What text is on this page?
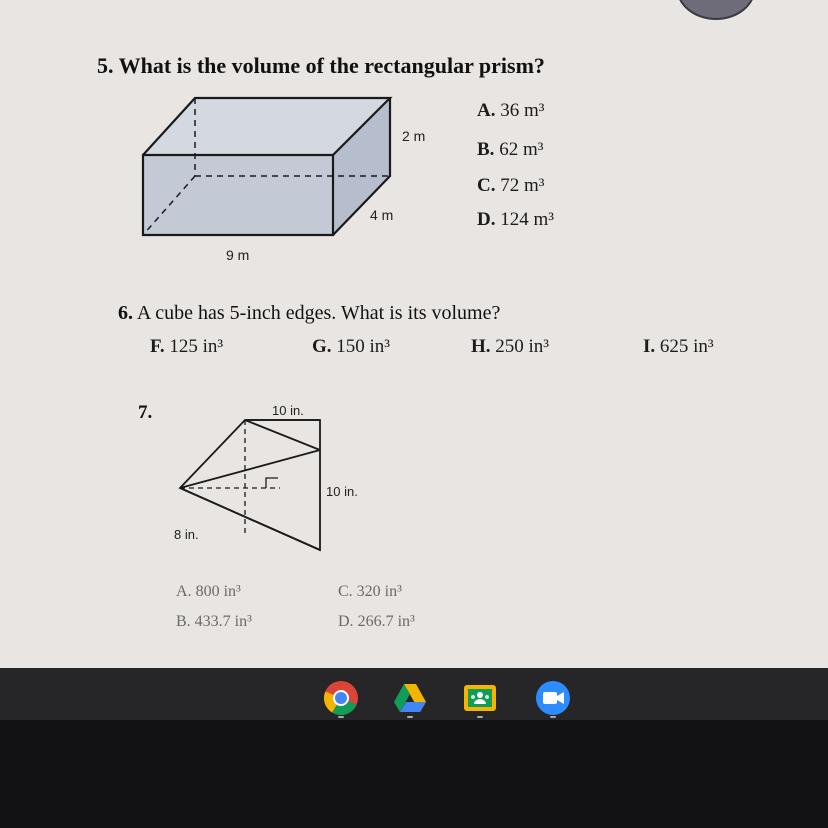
5. What is the volume of the rectangular prism?
2 m
4 m
9 m
A. 36 m³
B. 62 m³
C. 72 m³
D. 124 m³
6. A cube has 5-inch edges. What is its volume?
F. 125 in³	G. 150 in³	H. 250 in³	I. 625 in³
7.	10 in.
10 in.
8 in.
A. 800 in³
B. 433.7 in³
C. 320 in³
D. 266.7 in³
